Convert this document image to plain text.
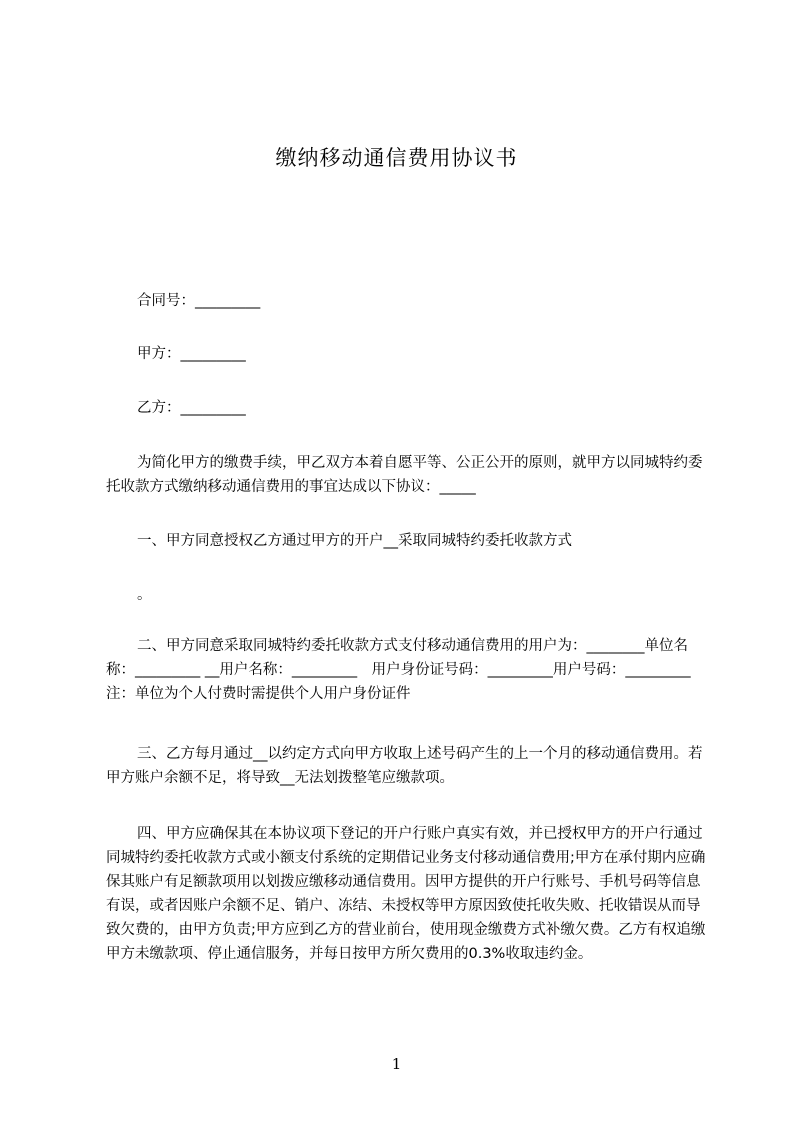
缴纳移动通信费用协议书
合同号：_________
甲方：_________
乙方：_________
为简化甲方的缴费手续，甲乙双方本着自愿平等、公正公开的原则，就甲方以同城特约委托收款方式缴纳移动通信费用的事宜达成以下协议：_____
一、甲方同意授权乙方通过甲方的开户__采取同城特约委托收款方式
。
二、甲方同意采取同城特约委托收款方式支付移动通信费用的用户为：________单位名称：_________ __用户名称：_________　用户身份证号码：_________用户号码：_________ 注：单位为个人付费时需提供个人用户身份证件
三、乙方每月通过__以约定方式向甲方收取上述号码产生的上一个月的移动通信费用。若甲方账户余额不足，将导致__无法划拨整笔应缴款项。
四、甲方应确保其在本协议项下登记的开户行账户真实有效，并已授权甲方的开户行通过同城特约委托收款方式或小额支付系统的定期借记业务支付移动通信费用;甲方在承付期内应确保其账户有足额款项用以划拨应缴移动通信费用。因甲方提供的开户行账号、手机号码等信息有误，或者因账户余额不足、销户、冻结、未授权等甲方原因致使托收失败、托收错误从而导致欠费的，由甲方负责;甲方应到乙方的营业前台，使用现金缴费方式补缴欠费。乙方有权追缴甲方未缴款项、停止通信服务，并每日按甲方所欠费用的0.3%收取违约金。
1
